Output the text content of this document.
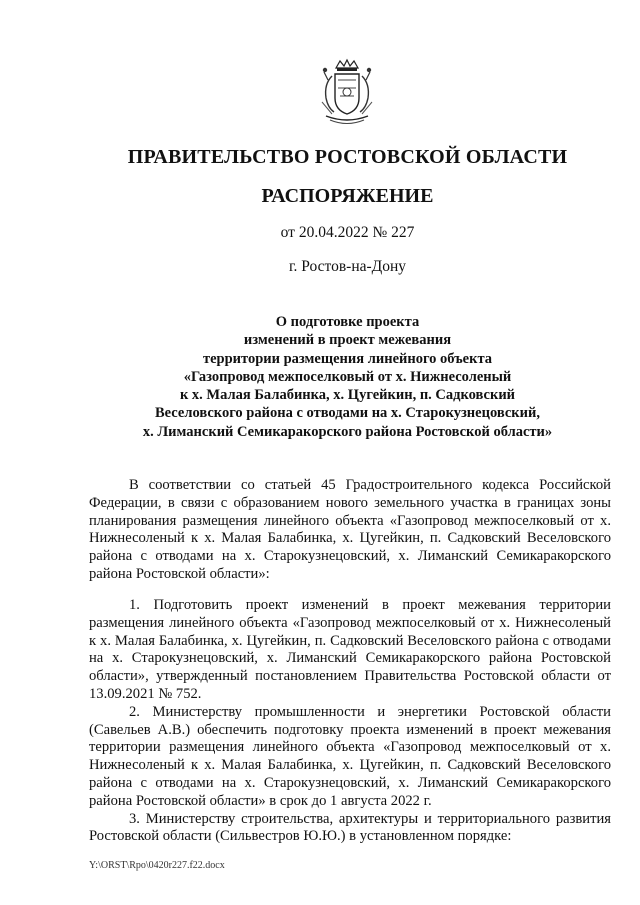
ПРАВИТЕЛЬСТВО РОСТОВСКОЙ ОБЛАСТИ
РАСПОРЯЖЕНИЕ
от 20.04.2022 № 227
г. Ростов-на-Дону
О подготовке проекта
изменений в проект межевания
территории размещения линейного объекта
«Газопровод межпоселковый от х. Нижнесоленый
к х. Малая Балабинка, х. Цугейкин, п. Садковский
Веселовского района с отводами на х. Старокузнецовский,
х. Лиманский Семикаракорского района Ростовской области»

В соответствии со статьей 45 Градостроительного кодекса Российской Федерации, в связи с образованием нового земельного участка в границах зоны планирования размещения линейного объекта «Газопровод межпоселковый от х. Нижнесоленый к х. Малая Балабинка, х. Цугейкин, п. Садковский Веселовского района с отводами на х. Старокузнецовский, х. Лиманский Семикаракорского района Ростовской области»:

1. Подготовить проект изменений в проект межевания территории размещения линейного объекта «Газопровод межпоселковый от х. Нижнесоленый к х. Малая Балабинка, х. Цугейкин, п. Садковский Веселовского района с отводами на х. Старокузнецовский, х. Лиманский Семикаракорского района Ростовской области», утвержденный постановлением Правительства Ростовской области от 13.09.2021 № 752.

2. Министерству промышленности и энергетики Ростовской области (Савельев А.В.) обеспечить подготовку проекта изменений в проект межевания территории размещения линейного объекта «Газопровод межпоселковый от х. Нижнесоленый к х. Малая Балабинка, х. Цугейкин, п. Садковский Веселовского района с отводами на х. Старокузнецовский, х. Лиманский Семикаракорского района Ростовской области» в срок до 1 августа 2022 г.

3. Министерству строительства, архитектуры и территориального развития Ростовской области (Сильвестров Ю.Ю.) в установленном порядке:

Y:\ORST\Rpo\0420r227.f22.docx
